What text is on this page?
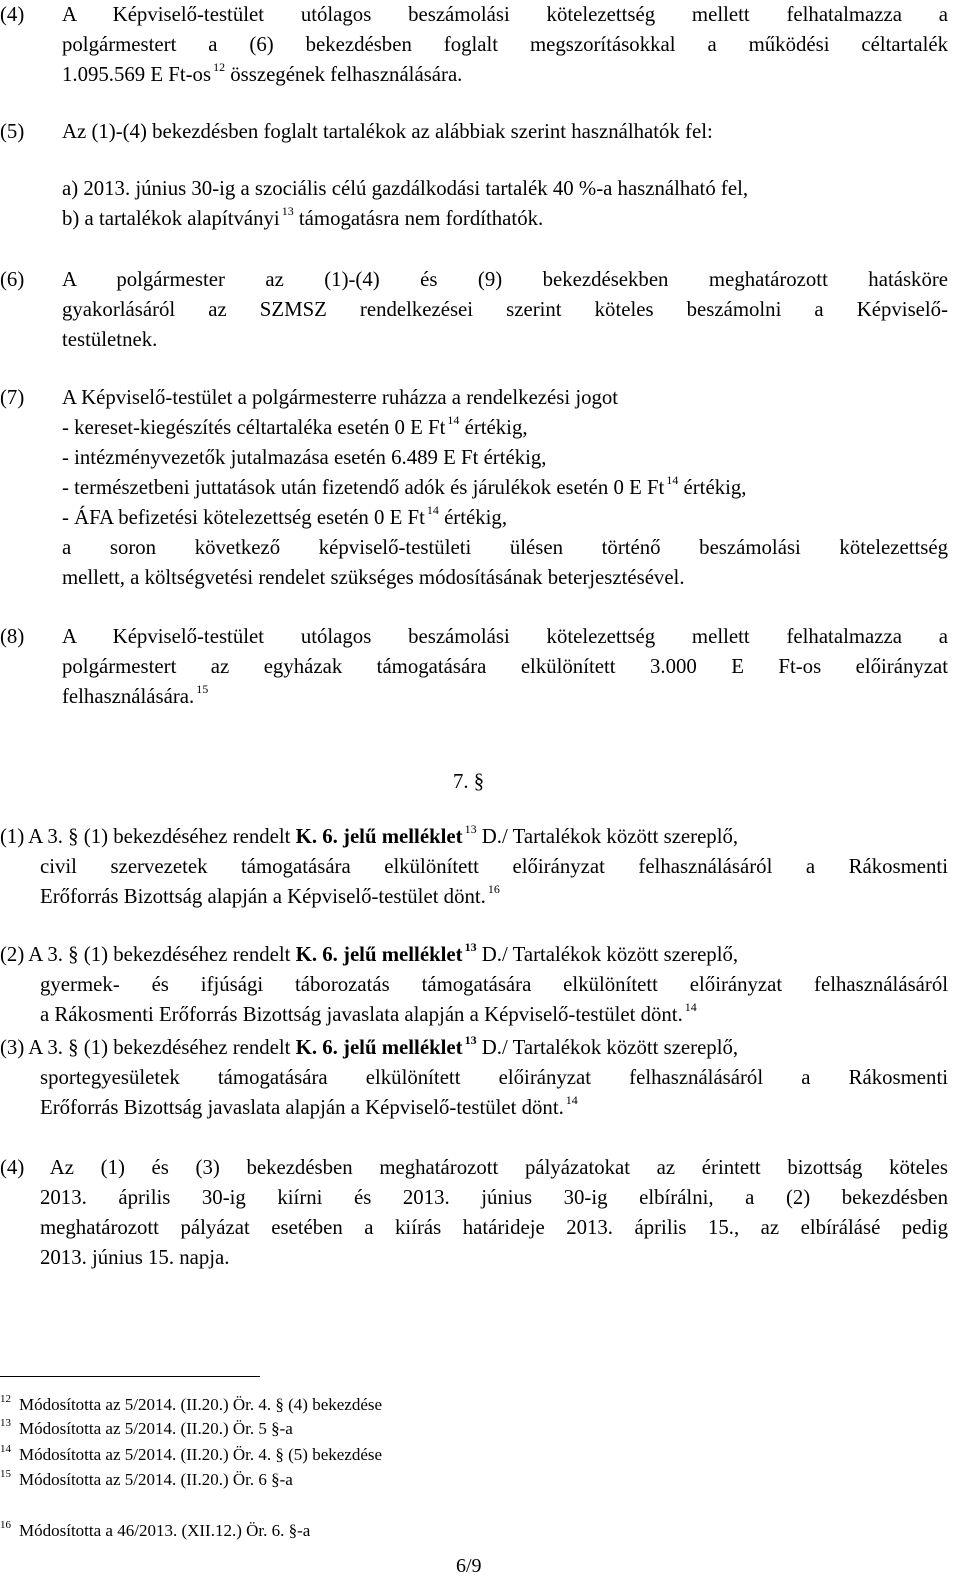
(4) A Képviselő-testület utólagos beszámolási kötelezettség mellett felhatalmazza a
polgármestert a (6) bekezdésben foglalt megszorításokkal a működési céltartalék
1.095.569 E Ft-os $^{12}$ összegének felhasználására.
(5) Az (1)-(4) bekezdésben foglalt tartalékok az alábbiak szerint használhatók fel:
a) 2013. június 30-ig a szociális célú gazdálkodási tartalék 40 %-a használható fel,
b) a tartalékok alapítványi $^{13}$ támogatásra nem fordíthatók.
(6) A polgármester az (1)-(4) és (9) bekezdésekben meghatározott hatásköre
gyakorlásáról az SZMSZ rendelkezései szerint köteles beszámolni a Képviselő-
testületnek.
(7) A Képviselő-testület a polgármesterre ruházza a rendelkezési jogot
- kereset-kiegészítés céltartaléka esetén 0 E Ft $^{14}$ értékig,
- intézményvezetők jutalmazása esetén 6.489 E Ft értékig,
- természetbeni juttatások után fizetendő adók és járulékok esetén 0 E Ft $^{14}$ értékig,
- ÁFA befizetési kötelezettség esetén 0 E Ft $^{14}$ értékig,
a soron következő képviselő-testületi ülésen történő beszámolási kötelezettség
mellett, a költségvetési rendelet szükséges módosításának beterjesztésével.
(8) A Képviselő-testület utólagos beszámolási kötelezettség mellett felhatalmazza a
polgármestert az egyházak támogatására elkülönített 3.000 E Ft-os előirányzat
felhasználására. $^{15}$
7. §
(1) A 3. § (1) bekezdéséhez rendelt K. 6. jelű melléklet $^{13}$ D./ Tartalékok között szereplő,
civil szervezetek támogatására elkülönített előirányzat felhasználásáról a Rákosmenti
Erőforrás Bizottság alapján a Képviselő-testület dönt. $^{16}$
(2) A 3. § (1) bekezdéséhez rendelt K. 6. jelű melléklet $^{13}$ D./ Tartalékok között szereplő,
gyermek- és ifjúsági táborozatás támogatására elkülönített előirányzat felhasználásáról
a Rákosmenti Erőforrás Bizottság javaslata alapján a Képviselő-testület dönt. $^{14}$
(3) A 3. § (1) bekezdéséhez rendelt K. 6. jelű melléklet $^{13}$ D./ Tartalékok között szereplő,
sportegyesületek támogatására elkülönített előirányzat felhasználásáról a Rákosmenti
Erőforrás Bizottság javaslata alapján a Képviselő-testület dönt. $^{14}$
(4) Az (1) és (3) bekezdésben meghatározott pályázatokat az érintett bizottság köteles
2013. április 30-ig kiírni és 2013. június 30-ig elbírálni, a (2) bekezdésben
meghatározott pályázat esetében a kiírás határideje 2013. április 15., az elbírálásé pedig
2013. június 15. napja.
$^{12}$ Módosította az 5/2014. (II.20.) Ör. 4. § (4) bekezdése
$^{13}$ Módosította az 5/2014. (II.20.) Ör. 5 §-a
$^{14}$ Módosította az 5/2014. (II.20.) Ör. 4. § (5) bekezdése
$^{15}$ Módosította az 5/2014. (II.20.) Ör. 6 §-a
$^{16}$ Módosította a 46/2013. (XII.12.) Ör. 6. §-a
6/9
